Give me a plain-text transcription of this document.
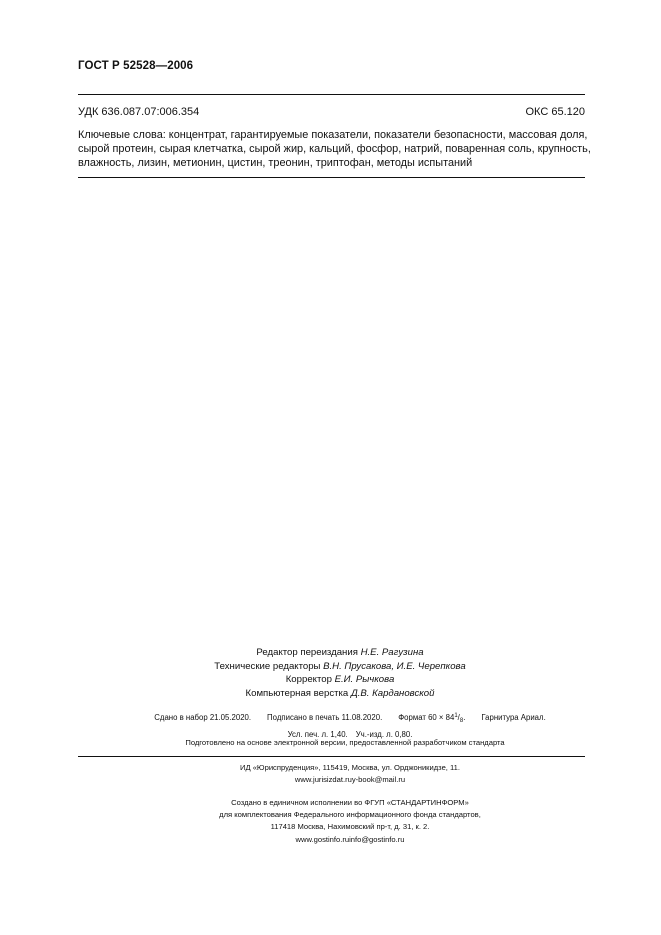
ГОСТ Р 52528—2006
УДК 636.087.07:006.354	ОКС 65.120
Ключевые слова: концентрат, гарантируемые показатели, показатели безопасности, массовая доля,
сырой протеин, сырая клетчатка, сырой жир, кальций, фосфор, натрий, поваренная соль, крупность,
влажность, лизин, метионин, цистин, треонин, триптофан, методы испытаний
Редактор переиздания Н.Е. Рагузина
Технические редакторы В.Н. Прусакова, И.Е. Черепкова
Корректор Е.И. Рычкова
Компьютерная верстка Д.В. Кардановской
Сдано в набор 21.05.2020. Подписано в печать 11.08.2020. Формат $60 \times 84^1/_8$. Гарнитура Ариал.
Усл. печ. л. 1,40. Уч.-изд. л. 0,80.
Подготовлено на основе электронной версии, предоставленной разработчиком стандарта
ИД «Юриспруденция», 115419, Москва, ул. Орджоникидзе, 11.
www.jurisizdat.ruy-book@mail.ru
Создано в единичном исполнении во ФГУП «СТАНДАРТИНФОРМ»
для комплектования Федерального информационного фонда стандартов,
117418 Москва, Нахимовский пр-т, д. 31, к. 2.
www.gostinfo.ruinfo@gostinfo.ru
